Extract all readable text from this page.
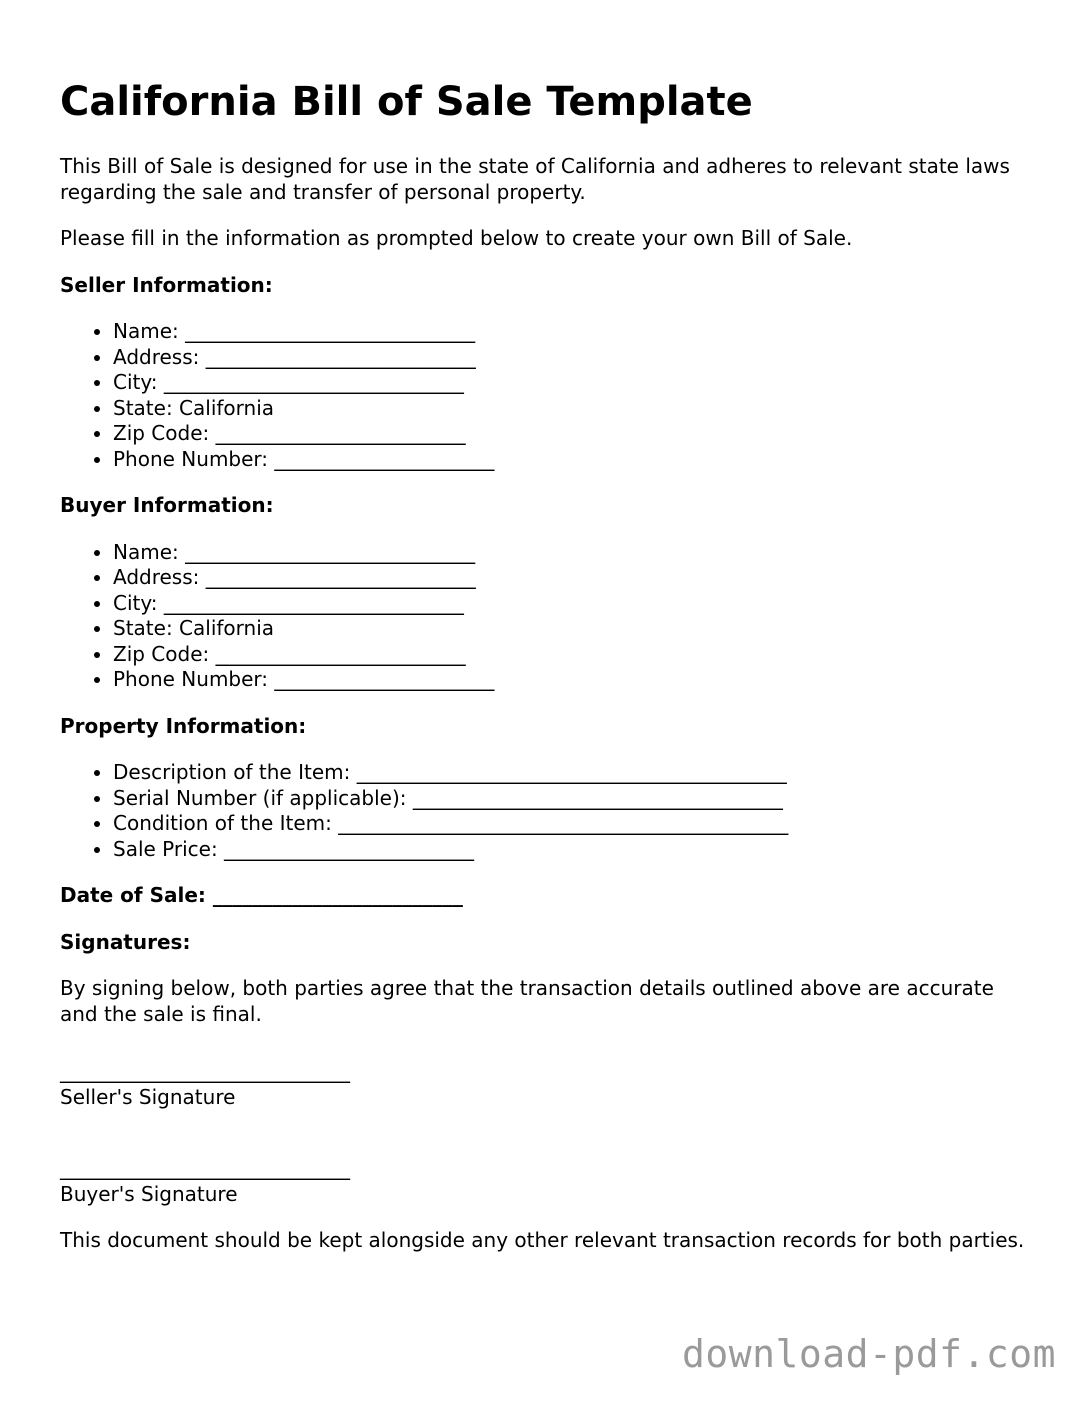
California Bill of Sale Template

This Bill of Sale is designed for use in the state of California and adheres to relevant state laws regarding the sale and transfer of personal property.

Please fill in the information as prompted below to create your own Bill of Sale.

Seller Information:
• Name: _____________________________
• Address: ___________________________
• City: ______________________________
• State: California
• Zip Code: _________________________
• Phone Number: ______________________
Buyer Information:
• Name: _____________________________
• Address: ___________________________
• City: ______________________________
• State: California
• Zip Code: _________________________
• Phone Number: ______________________
Property Information:
• Description of the Item: ___________________________________________
• Serial Number (if applicable): _____________________________________
• Condition of the Item: _____________________________________________
• Sale Price: _________________________
Date of Sale: _________________________
Signatures:

By signing below, both parties agree that the transaction details outlined above are accurate and the sale is final.

_____________________________
Seller's Signature
_____________________________
Buyer's Signature

This document should be kept alongside any other relevant transaction records for both parties.

download-pdf.com
